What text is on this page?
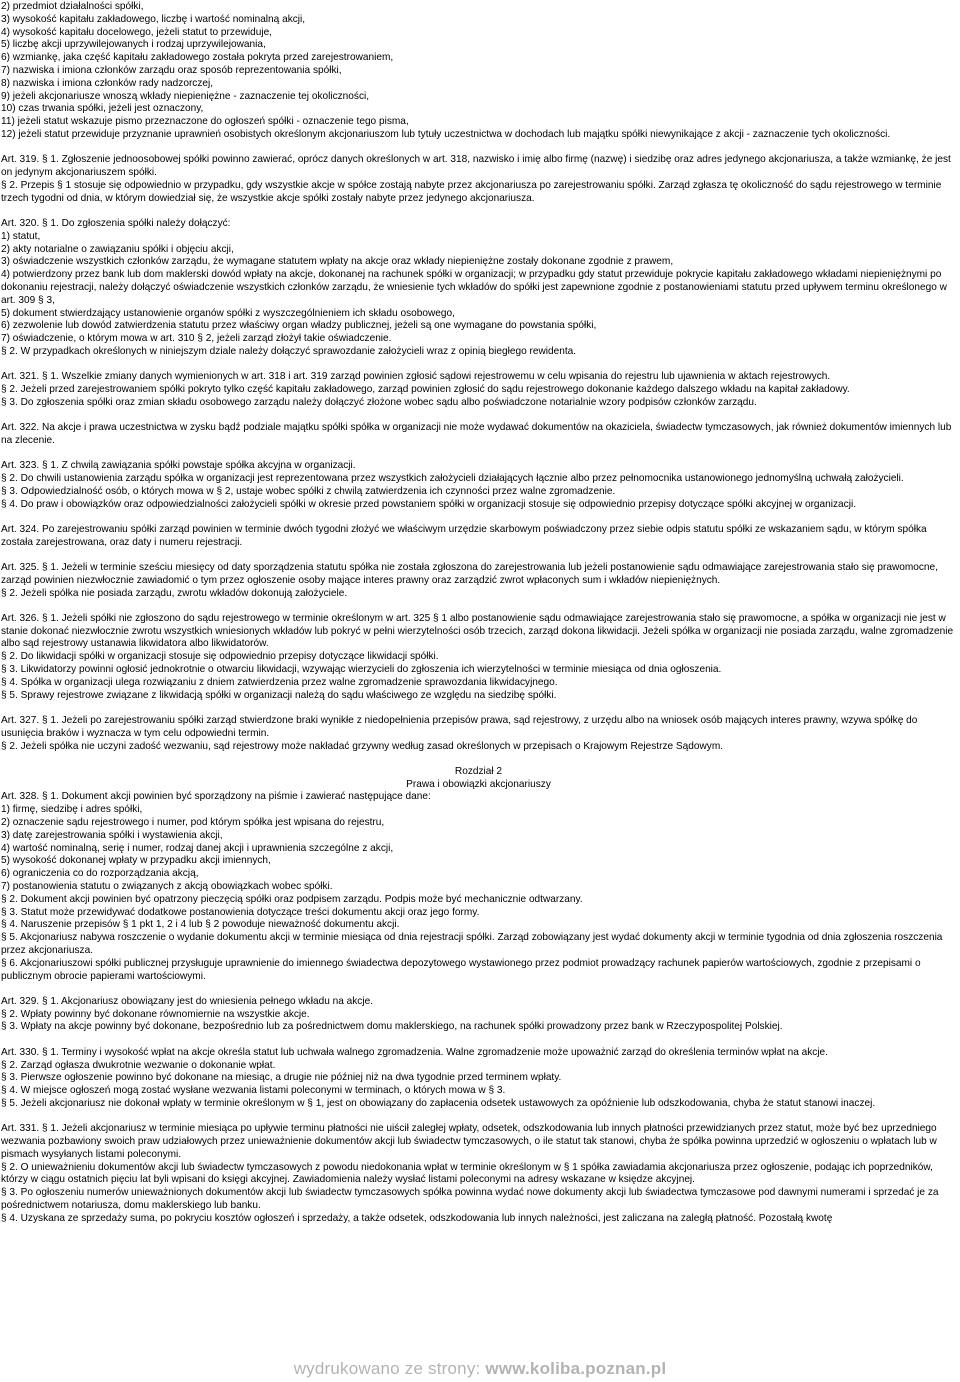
2) przedmiot działalności spółki,
3) wysokość kapitału zakładowego, liczbę i wartość nominalną akcji,
4) wysokość kapitału docelowego, jeżeli statut to przewiduje,
5) liczbę akcji uprzywilejowanych i rodzaj uprzywilejowania,
6) wzmiankę, jaka część kapitału zakładowego została pokryta przed zarejestrowaniem,
7) nazwiska i imiona członków zarządu oraz sposób reprezentowania spółki,
8) nazwiska i imiona członków rady nadzorczej,
9) jeżeli akcjonariusze wnoszą wkłady niepieniężne - zaznaczenie tej okoliczności,
10) czas trwania spółki, jeżeli jest oznaczony,
11) jeżeli statut wskazuje pismo przeznaczone do ogłoszeń spółki - oznaczenie tego pisma,
12) jeżeli statut przewiduje przyznanie uprawnień osobistych określonym akcjonariuszom lub tytuły uczestnictwa w dochodach lub majątku spółki niewynikające z akcji - zaznaczenie tych okoliczności.
Art. 319. § 1. Zgłoszenie jednoosobowej spółki powinno zawierać, oprócz danych określonych w art. 318, nazwisko i imię albo firmę (nazwę) i siedzibę oraz adres jedynego akcjonariusza, a także wzmiankę, że jest on jedynym akcjonariuszem spółki.
§ 2. Przepis § 1 stosuje się odpowiednio w przypadku, gdy wszystkie akcje w spółce zostają nabyte przez akcjonariusza po zarejestrowaniu spółki. Zarząd zgłasza tę okoliczność do sądu rejestrowego w terminie trzech tygodni od dnia, w którym dowiedział się, że wszystkie akcje spółki zostały nabyte przez jedynego akcjonariusza.
Art. 320. § 1. Do zgłoszenia spółki należy dołączyć:
1) statut,
2) akty notarialne o zawiązaniu spółki i objęciu akcji,
3) oświadczenie wszystkich członków zarządu, że wymagane statutem wpłaty na akcje oraz wkłady niepieniężne zostały dokonane zgodnie z prawem,
4) potwierdzony przez bank lub dom maklerski dowód wpłaty na akcje, dokonanej na rachunek spółki w organizacji; w przypadku gdy statut przewiduje pokrycie kapitału zakładowego wkładami niepieniężnymi po dokonaniu rejestracji, należy dołączyć oświadczenie wszystkich członków zarządu, że wniesienie tych wkładów do spółki jest zapewnione zgodnie z postanowieniami statutu przed upływem terminu określonego w art. 309 § 3,
5) dokument stwierdzający ustanowienie organów spółki z wyszczególnieniem ich składu osobowego,
6) zezwolenie lub dowód zatwierdzenia statutu przez właściwy organ władzy publicznej, jeżeli są one wymagane do powstania spółki,
7) oświadczenie, o którym mowa w art. 310 § 2, jeżeli zarząd złożył takie oświadczenie.
§ 2. W przypadkach określonych w niniejszym dziale należy dołączyć sprawozdanie założycieli wraz z opinią biegłego rewidenta.
Art. 321. § 1. Wszelkie zmiany danych wymienionych w art. 318 i art. 319 zarząd powinien zgłosić sądowi rejestrowemu w celu wpisania do rejestru lub ujawnienia w aktach rejestrowych.
§ 2. Jeżeli przed zarejestrowaniem spółki pokryto tylko część kapitału zakładowego, zarząd powinien zgłosić do sądu rejestrowego dokonanie każdego dalszego wkładu na kapitał zakładowy.
§ 3. Do zgłoszenia spółki oraz zmian składu osobowego zarządu należy dołączyć złożone wobec sądu albo poświadczone notarialnie wzory podpisów członków zarządu.
Art. 322. Na akcje i prawa uczestnictwa w zysku bądź podziale majątku spółki spółka w organizacji nie może wydawać dokumentów na okaziciela, świadectw tymczasowych, jak również dokumentów imiennych lub na zlecenie.
Art. 323. § 1. Z chwilą zawiązania spółki powstaje spółka akcyjna w organizacji.
§ 2. Do chwili ustanowienia zarządu spółka w organizacji jest reprezentowana przez wszystkich założycieli działających łącznie albo przez pełnomocnika ustanowionego jednomyślną uchwałą założycieli.
§ 3. Odpowiedzialność osób, o których mowa w § 2, ustaje wobec spółki z chwilą zatwierdzenia ich czynności przez walne zgromadzenie.
§ 4. Do praw i obowiązków oraz odpowiedzialności założycieli spółki w okresie przed powstaniem spółki w organizacji stosuje się odpowiednio przepisy dotyczące spółki akcyjnej w organizacji.
Art. 324. Po zarejestrowaniu spółki zarząd powinien w terminie dwóch tygodni złożyć we właściwym urzędzie skarbowym poświadczony przez siebie odpis statutu spółki ze wskazaniem sądu, w którym spółka została zarejestrowana, oraz daty i numeru rejestracji.
Art. 325. § 1. Jeżeli w terminie sześciu miesięcy od daty sporządzenia statutu spółka nie została zgłoszona do zarejestrowania lub jeżeli postanowienie sądu odmawiające zarejestrowania stało się prawomocne, zarząd powinien niezwłocznie zawiadomić o tym przez ogłoszenie osoby mające interes prawny oraz zarządzić zwrot wpłaconych sum i wkładów niepieniężnych.
§ 2. Jeżeli spółka nie posiada zarządu, zwrotu wkładów dokonują założyciele.
Art. 326. § 1. Jeżeli spółki nie zgłoszono do sądu rejestrowego w terminie określonym w art. 325 § 1 albo postanowienie sądu odmawiające zarejestrowania stało się prawomocne, a spółka w organizacji nie jest w stanie dokonać niezwłocznie zwrotu wszystkich wniesionych wkładów lub pokryć w pełni wierzytelności osób trzecich, zarząd dokona likwidacji. Jeżeli spółka w organizacji nie posiada zarządu, walne zgromadzenie albo sąd rejestrowy ustanawia likwidatora albo likwidatorów.
§ 2. Do likwidacji spółki w organizacji stosuje się odpowiednio przepisy dotyczące likwidacji spółki.
§ 3. Likwidatorzy powinni ogłosić jednokrotnie o otwarciu likwidacji, wzywając wierzycieli do zgłoszenia ich wierzytelności w terminie miesiąca od dnia ogłoszenia.
§ 4. Spółka w organizacji ulega rozwiązaniu z dniem zatwierdzenia przez walne zgromadzenie sprawozdania likwidacyjnego.
§ 5. Sprawy rejestrowe związane z likwidacją spółki w organizacji należą do sądu właściwego ze względu na siedzibę spółki.
Art. 327. § 1. Jeżeli po zarejestrowaniu spółki zarząd stwierdzone braki wynikłe z niedopełnienia przepisów prawa, sąd rejestrowy, z urzędu albo na wniosek osób mających interes prawny, wzywa spółkę do usunięcia braków i wyznacza w tym celu odpowiedni termin.
§ 2. Jeżeli spółka nie uczyni zadość wezwaniu, sąd rejestrowy może nakładać grzywny według zasad określonych w przepisach o Krajowym Rejestrze Sądowym.
Rozdział 2
Prawa i obowiązki akcjonariuszy
Art. 328. § 1. Dokument akcji powinien być sporządzony na piśmie i zawierać następujące dane:
1) firmę, siedzibę i adres spółki,
2) oznaczenie sądu rejestrowego i numer, pod którym spółka jest wpisana do rejestru,
3) datę zarejestrowania spółki i wystawienia akcji,
4) wartość nominalną, serię i numer, rodzaj danej akcji i uprawnienia szczególne z akcji,
5) wysokość dokonanej wpłaty w przypadku akcji imiennych,
6) ograniczenia co do rozporządzania akcją,
7) postanowienia statutu o związanych z akcją obowiązkach wobec spółki.
§ 2. Dokument akcji powinien być opatrzony pieczęcią spółki oraz podpisem zarządu. Podpis może być mechanicznie odtwarzany.
§ 3. Statut może przewidywać dodatkowe postanowienia dotyczące treści dokumentu akcji oraz jego formy.
§ 4. Naruszenie przepisów § 1 pkt 1, 2 i 4 lub § 2 powoduje nieważność dokumentu akcji.
§ 5. Akcjonariusz nabywa roszczenie o wydanie dokumentu akcji w terminie miesiąca od dnia rejestracji spółki. Zarząd zobowiązany jest wydać dokumenty akcji w terminie tygodnia od dnia zgłoszenia roszczenia przez akcjonariusza.
§ 6. Akcjonariuszowi spółki publicznej przysługuje uprawnienie do imiennego świadectwa depozytowego wystawionego przez podmiot prowadzący rachunek papierów wartościowych, zgodnie z przepisami o publicznym obrocie papierami wartościowymi.
Art. 329. § 1. Akcjonariusz obowiązany jest do wniesienia pełnego wkładu na akcje.
§ 2. Wpłaty powinny być dokonane równomiernie na wszystkie akcje.
§ 3. Wpłaty na akcje powinny być dokonane, bezpośrednio lub za pośrednictwem domu maklerskiego, na rachunek spółki prowadzony przez bank w Rzeczypospolitej Polskiej.
Art. 330. § 1. Terminy i wysokość wpłat na akcje określa statut lub uchwała walnego zgromadzenia. Walne zgromadzenie może upoważnić zarząd do określenia terminów wpłat na akcje.
§ 2. Zarząd ogłasza dwukrotnie wezwanie o dokonanie wpłat.
§ 3. Pierwsze ogłoszenie powinno być dokonane na miesiąc, a drugie nie później niż na dwa tygodnie przed terminem wpłaty.
§ 4. W miejsce ogłoszeń mogą zostać wysłane wezwania listami poleconymi w terminach, o których mowa w § 3.
§ 5. Jeżeli akcjonariusz nie dokonał wpłaty w terminie określonym w § 1, jest on obowiązany do zapłacenia odsetek ustawowych za opóźnienie lub odszkodowania, chyba że statut stanowi inaczej.
Art. 331. § 1. Jeżeli akcjonariusz w terminie miesiąca po upływie terminu płatności nie uiścił zaległej wpłaty, odsetek, odszkodowania lub innych płatności przewidzianych przez statut, może być bez uprzedniego wezwania pozbawiony swoich praw udziałowych przez unieważnienie dokumentów akcji lub świadectw tymczasowych, o ile statut tak stanowi, chyba że spółka powinna uprzedzić w ogłoszeniu o wpłatach lub w pismach wysyłanych listami poleconymi.
§ 2. O unieważnieniu dokumentów akcji lub świadectw tymczasowych z powodu niedokonania wpłat w terminie określonym w § 1 spółka zawiadamia akcjonariusza przez ogłoszenie, podając ich poprzedników, którzy w ciągu ostatnich pięciu lat byli wpisani do księgi akcyjnej. Zawiadomienia należy wysłać listami poleconymi na adresy wskazane w księdze akcyjnej.
§ 3. Po ogłoszeniu numerów unieważnionych dokumentów akcji lub świadectw tymczasowych spółka powinna wydać nowe dokumenty akcji lub świadectwa tymczasowe pod dawnymi numerami i sprzedać je za pośrednictwem notariusza, domu maklerskiego lub banku.
§ 4. Uzyskana ze sprzedaży suma, po pokryciu kosztów ogłoszeń i sprzedaży, a także odsetek, odszkodowania lub innych należności, jest zaliczana na zaległą płatność. Pozostałą kwotę
wydrukowano ze strony: www.koliba.poznan.pl
